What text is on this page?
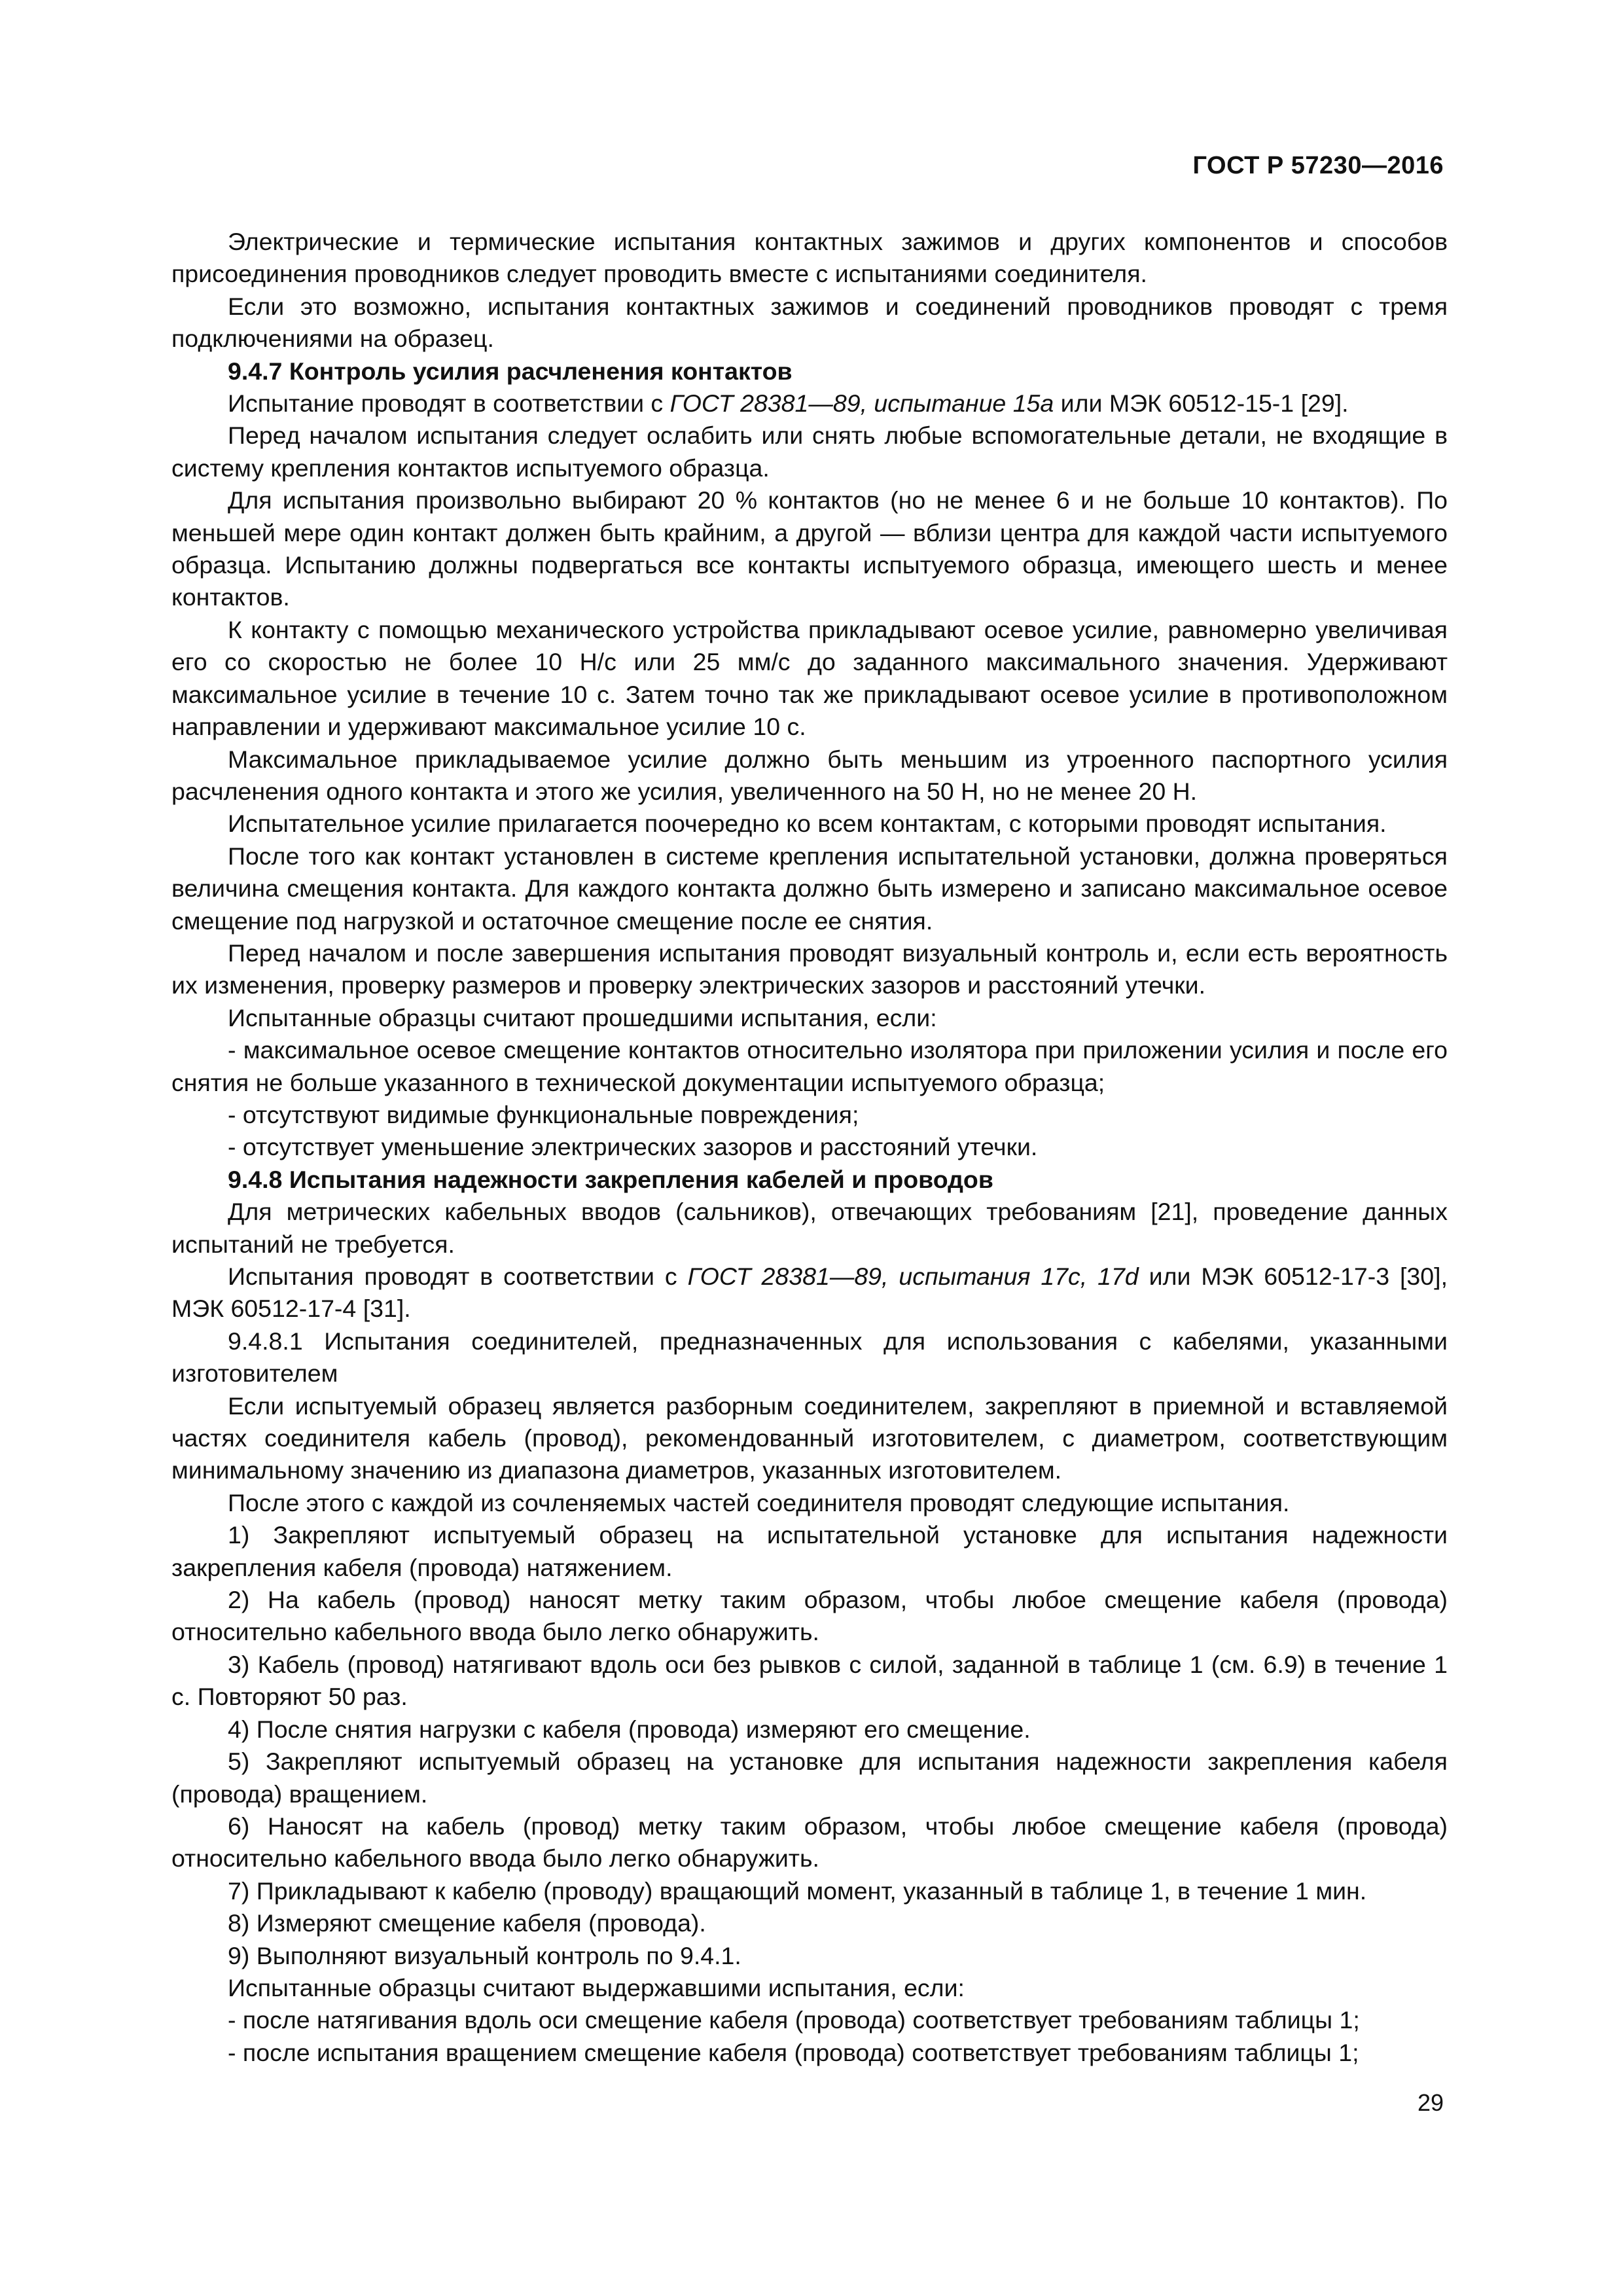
ГОСТ Р 57230—2016

Электрические и термические испытания контактных зажимов и других компонентов и способов присоединения проводников следует проводить вместе с испытаниями соединителя.

Если это возможно, испытания контактных зажимов и соединений проводников проводят с тремя подключениями на образец.

9.4.7 Контроль усилия расчленения контактов

Испытание проводят в соответствии с ГОСТ 28381—89, испытание 15a или МЭК 60512-15-1 [29].

Перед началом испытания следует ослабить или снять любые вспомогательные детали, не входящие в систему крепления контактов испытуемого образца.

Для испытания произвольно выбирают 20 % контактов (но не менее 6 и не больше 10 контактов). По меньшей мере один контакт должен быть крайним, а другой — вблизи центра для каждой части испытуемого образца. Испытанию должны подвергаться все контакты испытуемого образца, имеющего шесть и менее контактов.

К контакту с помощью механического устройства прикладывают осевое усилие, равномерно увеличивая его со скоростью не более 10 Н/с или 25 мм/с до заданного максимального значения. Удерживают максимальное усилие в течение 10 с. Затем точно так же прикладывают осевое усилие в противоположном направлении и удерживают максимальное усилие 10 с.

Максимальное прикладываемое усилие должно быть меньшим из утроенного паспортного усилия расчленения одного контакта и этого же усилия, увеличенного на 50 Н, но не менее 20 Н.

Испытательное усилие прилагается поочередно ко всем контактам, с которыми проводят испытания.

После того как контакт установлен в системе крепления испытательной установки, должна проверяться величина смещения контакта. Для каждого контакта должно быть измерено и записано максимальное осевое смещение под нагрузкой и остаточное смещение после ее снятия.

Перед началом и после завершения испытания проводят визуальный контроль и, если есть вероятность их изменения, проверку размеров и проверку электрических зазоров и расстояний утечки.

Испытанные образцы считают прошедшими испытания, если:

- максимальное осевое смещение контактов относительно изолятора при приложении усилия и после его снятия не больше указанного в технической документации испытуемого образца;

- отсутствуют видимые функциональные повреждения;

- отсутствует уменьшение электрических зазоров и расстояний утечки.

9.4.8 Испытания надежности закрепления кабелей и проводов

Для метрических кабельных вводов (сальников), отвечающих требованиям [21], проведение данных испытаний не требуется.

Испытания проводят в соответствии с ГОСТ 28381—89, испытания 17c, 17d или МЭК 60512-17-3 [30], МЭК 60512-17-4 [31].

9.4.8.1 Испытания соединителей, предназначенных для использования с кабелями, указанными изготовителем

Если испытуемый образец является разборным соединителем, закрепляют в приемной и вставляемой частях соединителя кабель (провод), рекомендованный изготовителем, с диаметром, соответствующим минимальному значению из диапазона диаметров, указанных изготовителем.

После этого с каждой из сочленяемых частей соединителя проводят следующие испытания.

1) Закрепляют испытуемый образец на испытательной установке для испытания надежности закрепления кабеля (провода) натяжением.

2) На кабель (провод) наносят метку таким образом, чтобы любое смещение кабеля (провода) относительно кабельного ввода было легко обнаружить.

3) Кабель (провод) натягивают вдоль оси без рывков с силой, заданной в таблице 1 (см. 6.9) в течение 1 с. Повторяют 50 раз.

4) После снятия нагрузки с кабеля (провода) измеряют его смещение.

5) Закрепляют испытуемый образец на установке для испытания надежности закрепления кабеля (провода) вращением.

6) Наносят на кабель (провод) метку таким образом, чтобы любое смещение кабеля (провода) относительно кабельного ввода было легко обнаружить.

7) Прикладывают к кабелю (проводу) вращающий момент, указанный в таблице 1, в течение 1 мин.

8) Измеряют смещение кабеля (провода).

9) Выполняют визуальный контроль по 9.4.1.

Испытанные образцы считают выдержавшими испытания, если:

- после натягивания вдоль оси смещение кабеля (провода) соответствует требованиям таблицы 1;

- после испытания вращением смещение кабеля (провода) соответствует требованиям таблицы 1;

29
